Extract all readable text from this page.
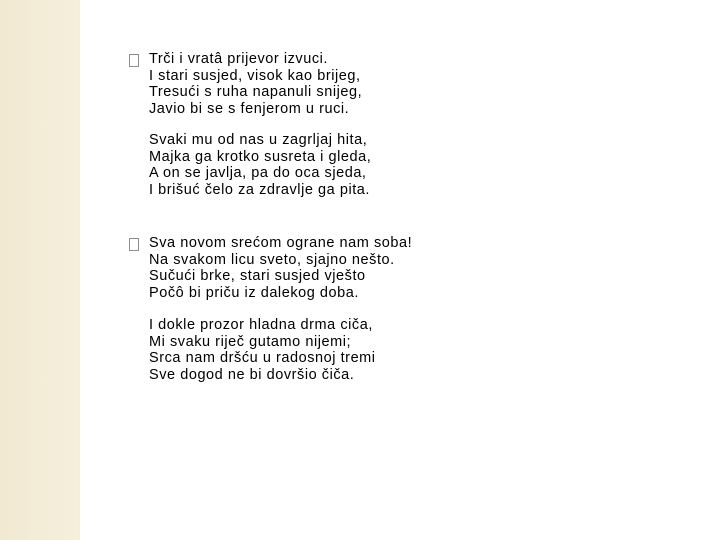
Trči i vratâ prijevor izvuci.
I stari susjed, visok kao brijeg,
Tresući s ruha napanuli snijeg,
Javio bi se s fenjerom u ruci.

Svaki mu od nas u zagrljaj hita,
Majka ga krotko susreta i gleda,
A on se javlja, pa do oca sjeda,
I brišuć čelo za zdravlje ga pita.

Sva novom srećom ograne nam soba!
Na svakom licu sveto, sjajno nešto.
Sučući brke, stari susjed vješto
Počô bi priču iz dalekog doba.

I dokle prozor hladna drma ciča,
Mi svaku riječ gutamo nijemi;
Srca nam dršću u radosnoj tremi
Sve dogod ne bi dovršio čiča.
